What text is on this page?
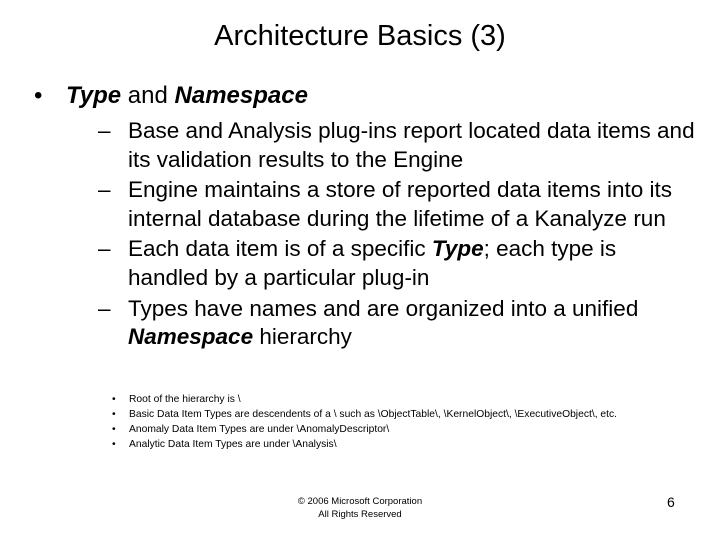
Architecture Basics (3)
• Type and Namespace
– Base and Analysis plug-ins report located data items and its validation results to the Engine
– Engine maintains a store of reported data items into its internal database during the lifetime of a Kanalyze run
– Each data item is of a specific Type; each type is handled by a particular plug-in
– Types have names and are organized into a unified Namespace hierarchy
• Root of the hierarchy is \
• Basic Data Item Types are descendents of a \ such as \ObjectTable\, \KernelObject\, \ExecutiveObject\, etc.
• Anomaly Data Item Types are under \AnomalyDescriptor\
• Analytic Data Item Types are under \Analysis\
© 2006 Microsoft Corporation
All Rights Reserved
6
